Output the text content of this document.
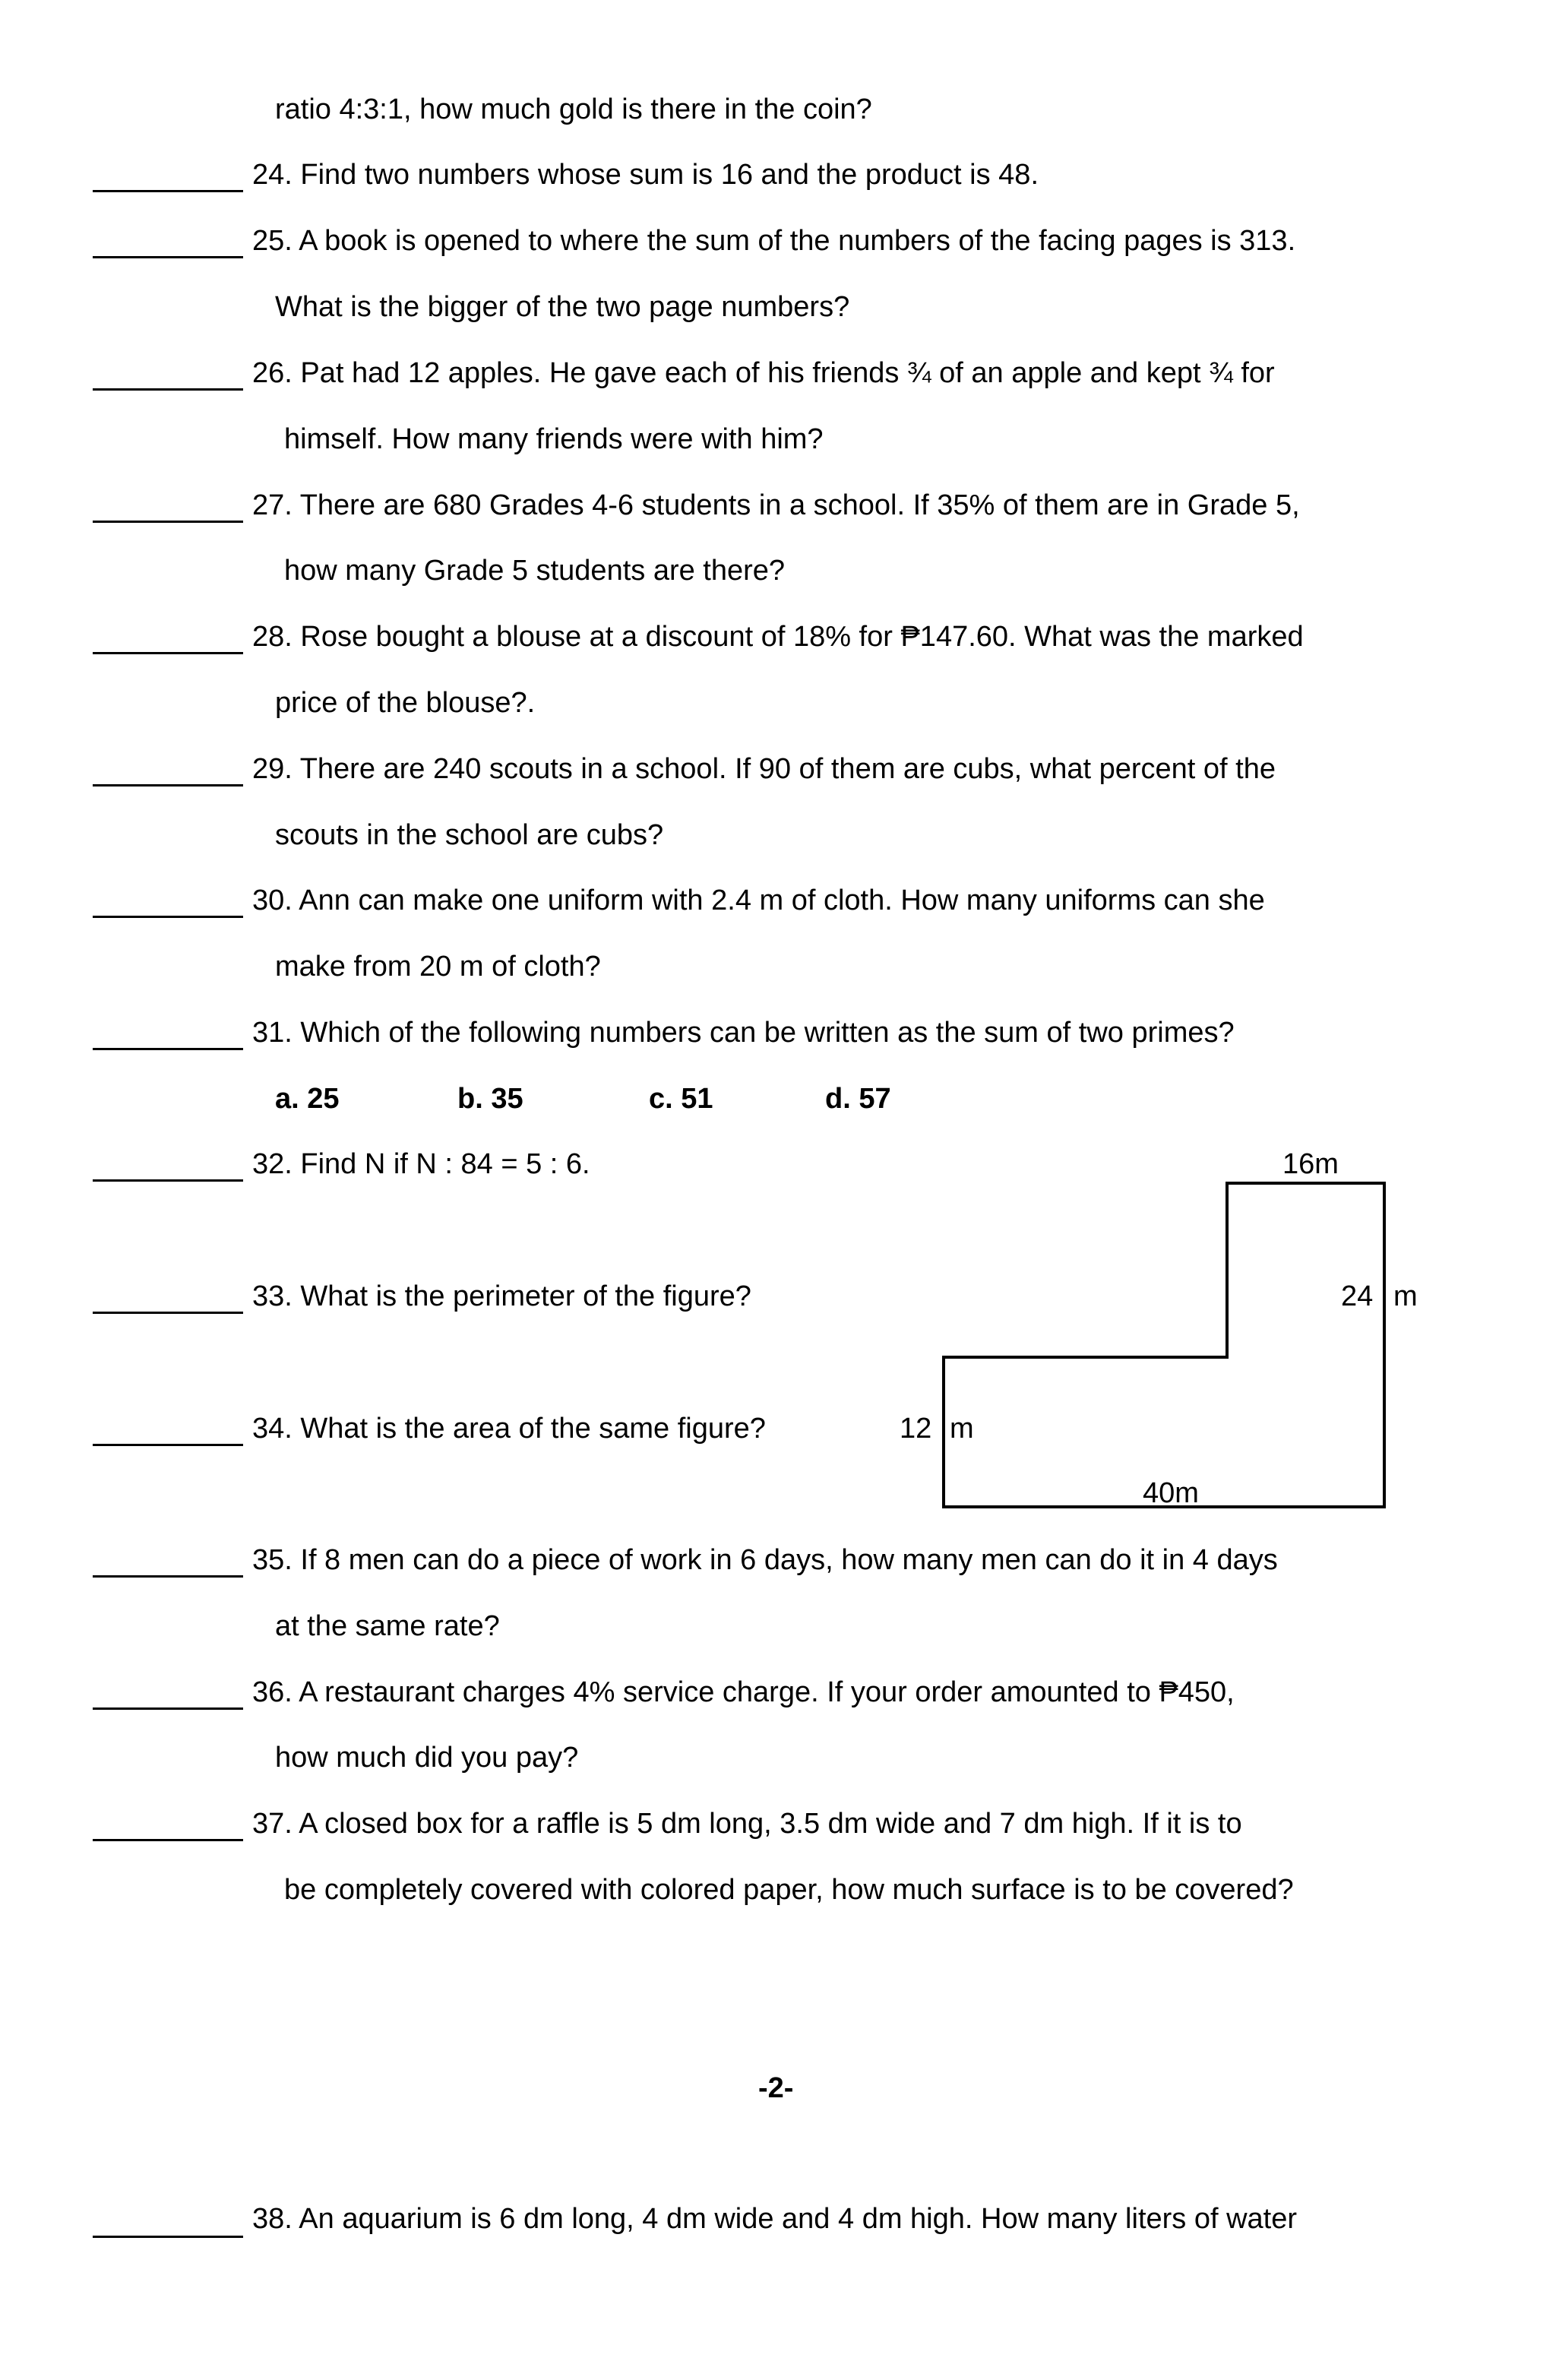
ratio 4:3:1, how much gold is there in the coin?
24. Find two numbers whose sum is 16 and the product is 48.
25. A book is opened to where the sum of the numbers of the facing pages is 313.
What is the bigger of the two page numbers?
26. Pat had 12 apples. He gave each of his friends ¾ of an apple and kept ¾ for
himself. How many friends were with him?
27. There are 680 Grades 4-6 students in a school. If 35% of them are in Grade 5,
how many Grade 5 students are there?
28. Rose bought a blouse at a discount of 18% for ₱147.60. What was the marked
price of the blouse?.
29. There are 240 scouts in a school. If 90 of them are cubs, what percent of the
scouts in the school are cubs?
30. Ann can make one uniform with 2.4 m of cloth. How many uniforms can she
make from 20 m of cloth?
31. Which of the following numbers can be written as the sum of two primes?
a. 25	b. 35	c. 51	d. 57
32. Find N if N : 84 = 5 : 6.
33. What is the perimeter of the figure?
34. What is the area of the same figure?
16m
24 m
12 m
40m
35. If 8 men can do a piece of work in 6 days, how many men can do it in 4 days
at the same rate?
36. A restaurant charges 4% service charge. If your order amounted to ₱450,
how much did you pay?
37. A closed box for a raffle is 5 dm long, 3.5 dm wide and 7 dm high. If it is to
be completely covered with colored paper, how much surface is to be covered?
-2-
38. An aquarium is 6 dm long, 4 dm wide and 4 dm high. How many liters of water
